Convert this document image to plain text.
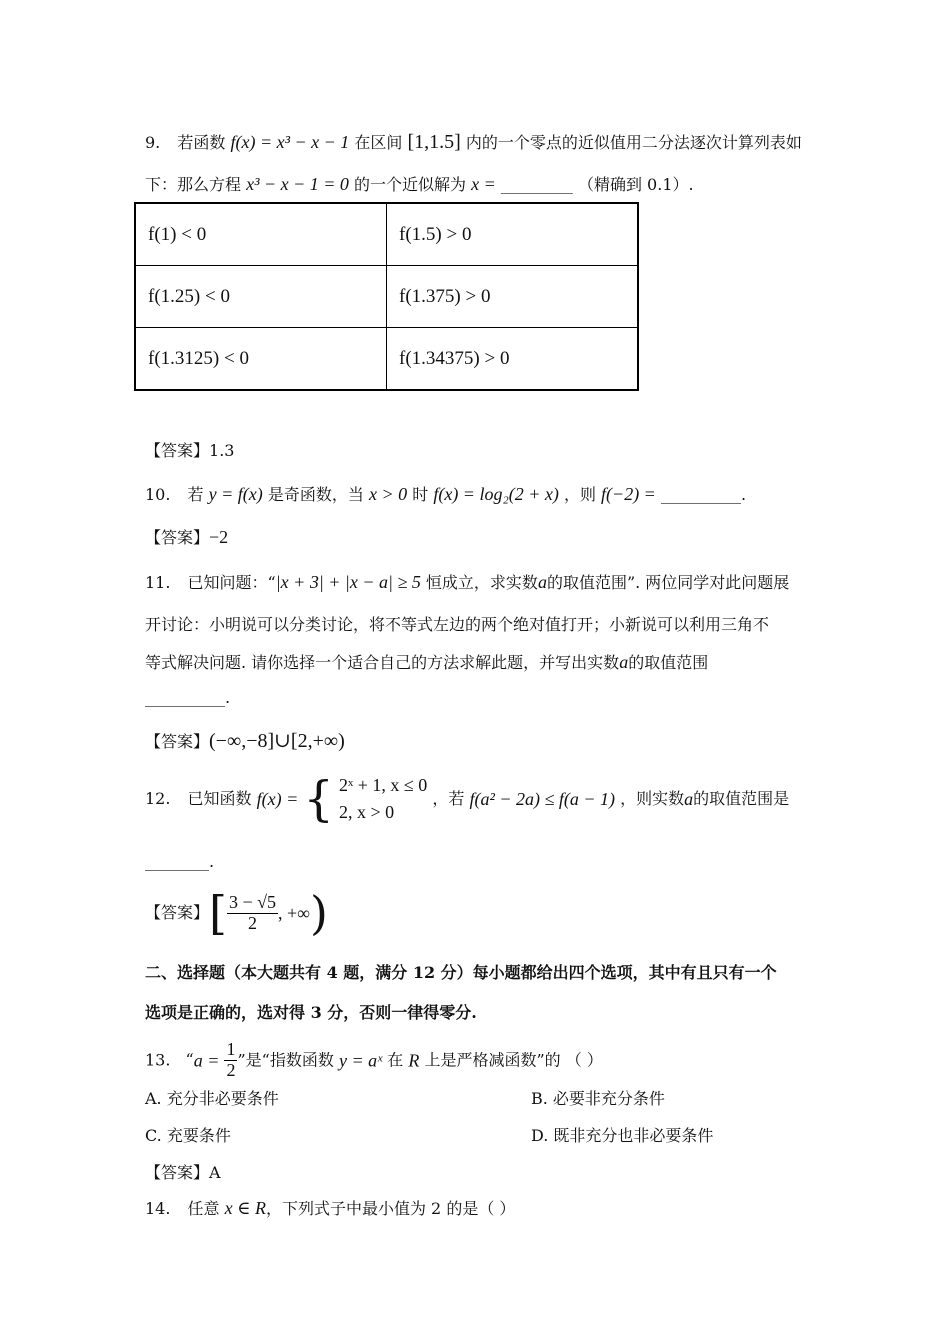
9. 若函数 f(x) = x³ − x − 1 在区间 [1,1.5] 内的一个零点的近似值用二分法逐次计算列表如
下：那么方程 x³ − x − 1 = 0 的一个近似解为 x = _________ （精确到 0.1）.
f(1) < 0	f(1.5) > 0
f(1.25) < 0	f(1.375) > 0
f(1.3125) < 0	f(1.34375) > 0
【答案】1.3
10. 若 y = f(x) 是奇函数，当 x > 0 时 f(x) = log₂(2 + x) ，则 f(−2) = __________.
【答案】−2
11. 已知问题：“|x + 3| + |x − a| ≥ 5 恒成立，求实数a的取值范围”. 两位同学对此问题展
开讨论：小明说可以分类讨论，将不等式左边的两个绝对值打开；小新说可以利用三角不
等式解决问题. 请你选择一个适合自己的方法求解此题，并写出实数a的取值范围
__________.
【答案】(−∞,−8]∪[2,+∞)
12. 已知函数 f(x) = { 2ˣ + 1, x ≤ 0
2, x > 0
，若 f(a² − 2a) ≤ f(a − 1) ，则实数a的取值范围是
________.
【答案】[ $\frac{3 - √5}{2}$ , +∞)
二、选择题（本大题共有 4 题，满分 12 分）每小题都给出四个选项，其中有且只有一个
选项是正确的，选对得 3 分，否则一律得零分.
13. “$a = \frac{1}{2}$ ”是“指数函数 y = aˣ 在 R 上是严格减函数”的 （ ）
A. 充分非必要条件	B. 必要非充分条件
C. 充要条件	D. 既非充分也非必要条件
【答案】A
14. 任意 x ∈ R，下列式子中最小值为 2 的是（ ）
